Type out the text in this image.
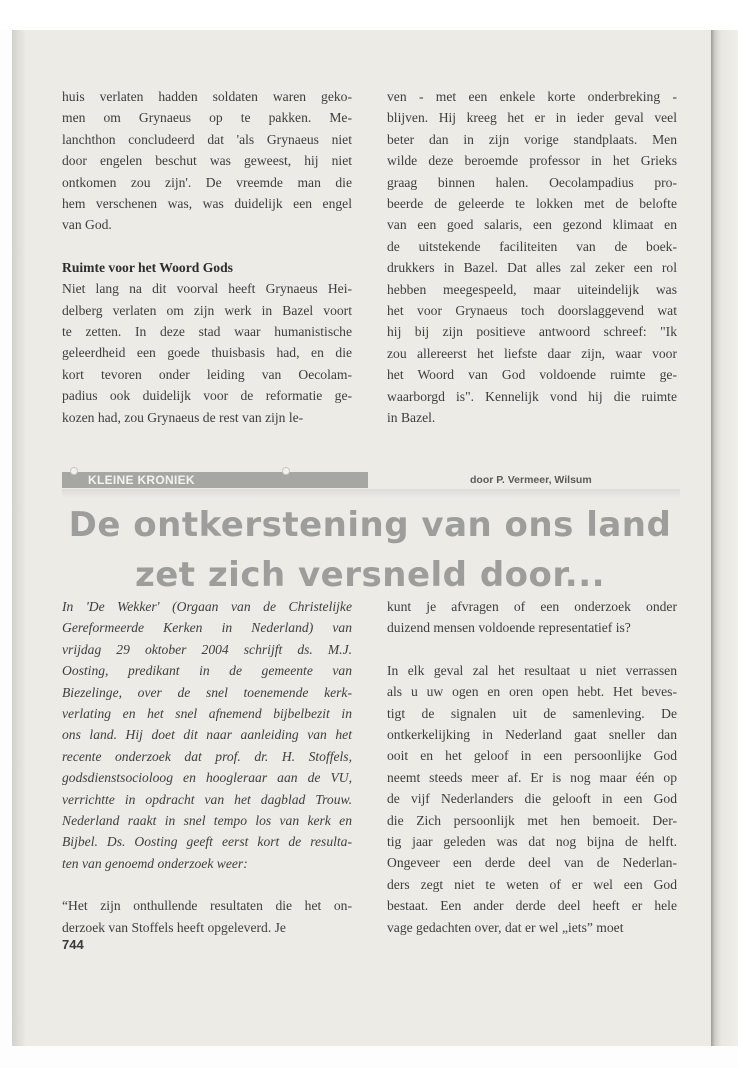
huis verlaten hadden soldaten waren geko-
men om Grynaeus op te pakken. Me-
lanchthon concludeerd dat 'als Grynaeus niet
door engelen beschut was geweest, hij niet
ontkomen zou zijn'. De vreemde man die
hem verschenen was, was duidelijk een engel
van God.

Ruimte voor het Woord Gods

Niet lang na dit voorval heeft Grynaeus Hei-
delberg verlaten om zijn werk in Bazel voort
te zetten. In deze stad waar humanistische
geleerdheid een goede thuisbasis had, en die
kort tevoren onder leiding van Oecolam-
padius ook duidelijk voor de reformatie ge-
kozen had, zou Grynaeus de rest van zijn le-
ven - met een enkele korte onderbreking -
blijven. Hij kreeg het er in ieder geval veel
beter dan in zijn vorige standplaats. Men
wilde deze beroemde professor in het Grieks
graag binnen halen. Oecolampadius pro-
beerde de geleerde te lokken met de belofte
van een goed salaris, een gezond klimaat en
de uitstekende faciliteiten van de boek-
drukkers in Bazel. Dat alles zal zeker een rol
hebben meegespeeld, maar uiteindelijk was
het voor Grynaeus toch doorslaggevend wat
hij bij zijn positieve antwoord schreef: "Ik
zou allereerst het liefste daar zijn, waar voor
het Woord van God voldoende ruimte ge-
waarborgd is". Kennelijk vond hij die ruimte
in Bazel.
KLEINE KRONIEK	door P. Vermeer, Wilsum
De ontkerstening van ons land
zet zich versneld door...
In 'De Wekker' (Orgaan van de Christelijke
Gereformeerde Kerken in Nederland) van
vrijdag 29 oktober 2004 schrijft ds. M.J.
Oosting, predikant in de gemeente van
Biezelinge, over de snel toenemende kerk-
verlating en het snel afnemend bijbelbezit in
ons land. Hij doet dit naar aanleiding van het
recente onderzoek dat prof. dr. H. Stoffels,
godsdienstsocioloog en hoogleraar aan de VU,
verrichtte in opdracht van het dagblad Trouw.
Nederland raakt in snel tempo los van kerk en
Bijbel. Ds. Oosting geeft eerst kort de resulta-
ten van genoemd onderzoek weer:
“Het zijn onthullende resultaten die het on-
derzoek van Stoffels heeft opgeleverd. Je
kunt je afvragen of een onderzoek onder
duizend mensen voldoende representatief is?
In elk geval zal het resultaat u niet verrassen
als u uw ogen en oren open hebt. Het beves-
tigt de signalen uit de samenleving. De
ontkerkelijking in Nederland gaat sneller dan
ooit en het geloof in een persoonlijke God
neemt steeds meer af. Er is nog maar één op
de vijf Nederlanders die gelooft in een God
die Zich persoonlijk met hen bemoeit. Der-
tig jaar geleden was dat nog bijna de helft.
Ongeveer een derde deel van de Nederlan-
ders zegt niet te weten of er wel een God
bestaat. Een ander derde deel heeft er hele
vage gedachten over, dat er wel „iets” moet
744
